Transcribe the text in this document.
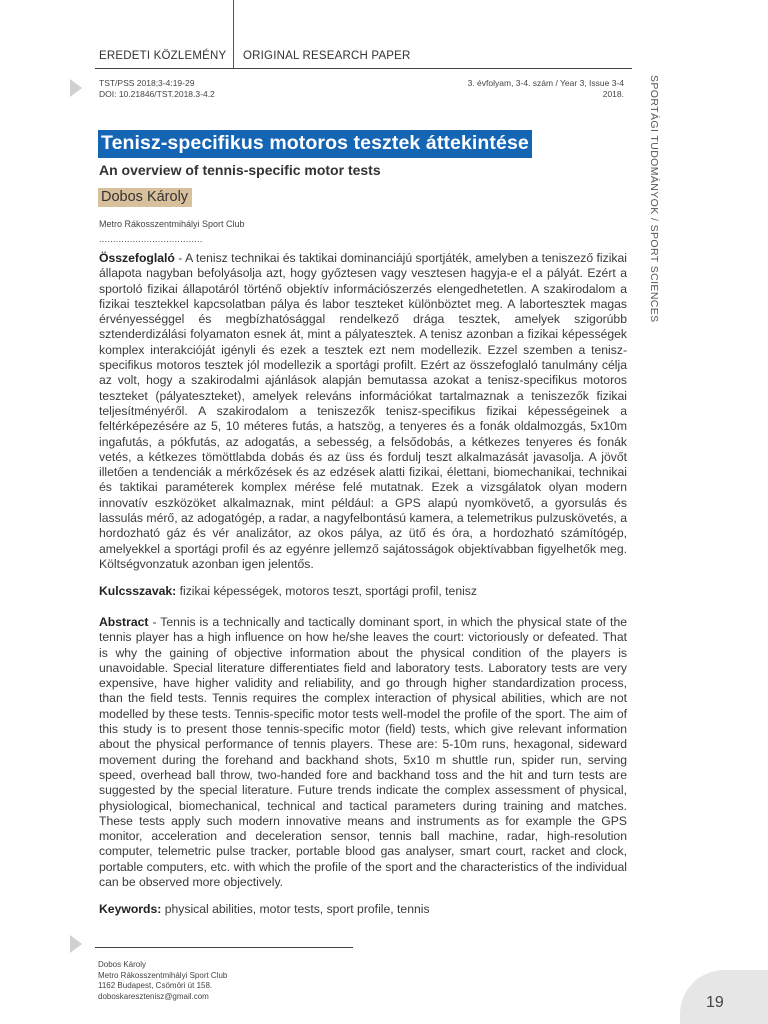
EREDETI KÖZLEMÉNY ORIGINAL RESEARCH PAPER
TST/PSS 2018;3-4:19-29
DOI: 10.21846/TST.2018.3-4.2
3. évfolyam, 3-4. szám / Year 3, Issue 3-4
2018.
Tenisz-specifikus motoros tesztek áttekintése
An overview of tennis-specific motor tests
Dobos Károly
Metro Rákosszentmihályi Sport Club
.....................................
Összefoglaló - A tenisz technikai és taktikai dominanciájú sportjáték, amelyben a teniszező fizikai állapota nagyban befolyásolja azt, hogy győztesen vagy vesztesen hagyja-e el a pályát. Ezért a sportoló fizikai állapotáról történő objektív információszerzés elengedhetetlen. A szakirodalom a fizikai tesztekkel kapcsolatban pálya és labor teszteket különböztet meg. A labortesztek magas érvényességgel és megbízhatósággal rendelkező drága tesztek, amelyek szigorúbb sztenderdizálási folyamaton esnek át, mint a pályatesztek. A tenisz azonban a fizikai képességek komplex interakcióját igényli és ezek a tesztek ezt nem modellezik. Ezzel szemben a tenisz-specifikus motoros tesztek jól modellezik a sportági profilt. Ezért az összefoglaló tanulmány célja az volt, hogy a szakirodalmi ajánlások alapján bemutassa azokat a tenisz-specifikus motoros teszteket (pályateszteket), amelyek releváns információkat tartalmaznak a teniszezők fizikai teljesítményéről. A szakirodalom a teniszezők tenisz-specifikus fizikai képességeinek a feltérképezésére az 5, 10 méteres futás, a hatszög, a tenyeres és a fonák oldalmozgás, 5x10m ingafutás, a pókfutás, az adogatás, a sebesség, a felsődobás, a kétkezes tenyeres és fonák vetés, a kétkezes tömöttlabda dobás és az üss és fordulj teszt alkalmazását javasolja. A jövőt illetően a tendenciák a mérkőzések és az edzések alatti fizikai, élettani, biomechanikai, technikai és taktikai paraméterek komplex mérése felé mutatnak. Ezek a vizsgálatok olyan modern innovatív eszközöket alkalmaznak, mint például: a GPS alapú nyomkövető, a gyorsulás és lassulás mérő, az adogatógép, a radar, a nagyfelbontású kamera, a telemetrikus pulzuskövetés, a hordozható gáz és vér analizátor, az okos pálya, az ütő és óra, a hordozható számítógép, amelyekkel a sportági profil és az egyénre jellemző sajátosságok objektívabban figyelhetők meg. Költségvonzatuk azonban igen jelentős.
Kulcsszavak: fizikai képességek, motoros teszt, sportági profil, tenisz
Abstract - Tennis is a technically and tactically dominant sport, in which the physical state of the tennis player has a high influence on how he/she leaves the court: victoriously or defeated. That is why the gaining of objective information about the physical condition of the players is unavoidable. Special literature differentiates field and laboratory tests. Laboratory tests are very expensive, have higher validity and reliability, and go through higher standardization process, than the field tests. Tennis requires the complex interaction of physical abilities, which are not modelled by these tests. Tennis-specific motor tests well-model the profile of the sport. The aim of this study is to present those tennis-specific motor (field) tests, which give relevant information about the physical performance of tennis players. These are: 5-10m runs, hexagonal, sideward movement during the forehand and backhand shots, 5x10 m shuttle run, spider run, serving speed, overhead ball throw, two-handed fore and backhand toss and the hit and turn tests are suggested by the special literature. Future trends indicate the complex assessment of physical, physiological, biomechanical, technical and tactical parameters during training and matches. These tests apply such modern innovative means and instruments as for example the GPS monitor, acceleration and deceleration sensor, tennis ball machine, radar, high-resolution computer, telemetric pulse tracker, portable blood gas analyser, smart court, racket and clock, portable computers, etc. with which the profile of the sport and the characteristics of the individual can be observed more objectively.
Keywords: physical abilities, motor tests, sport profile, tennis
SPORTÁGI TUDOMÁNYOK / SPORT SCIENCES
Dobos Károly
Metro Rákosszentmihályi Sport Club
1162 Budapest, Csömöri út 158.
doboskaresztenisz@gmail.com	19
